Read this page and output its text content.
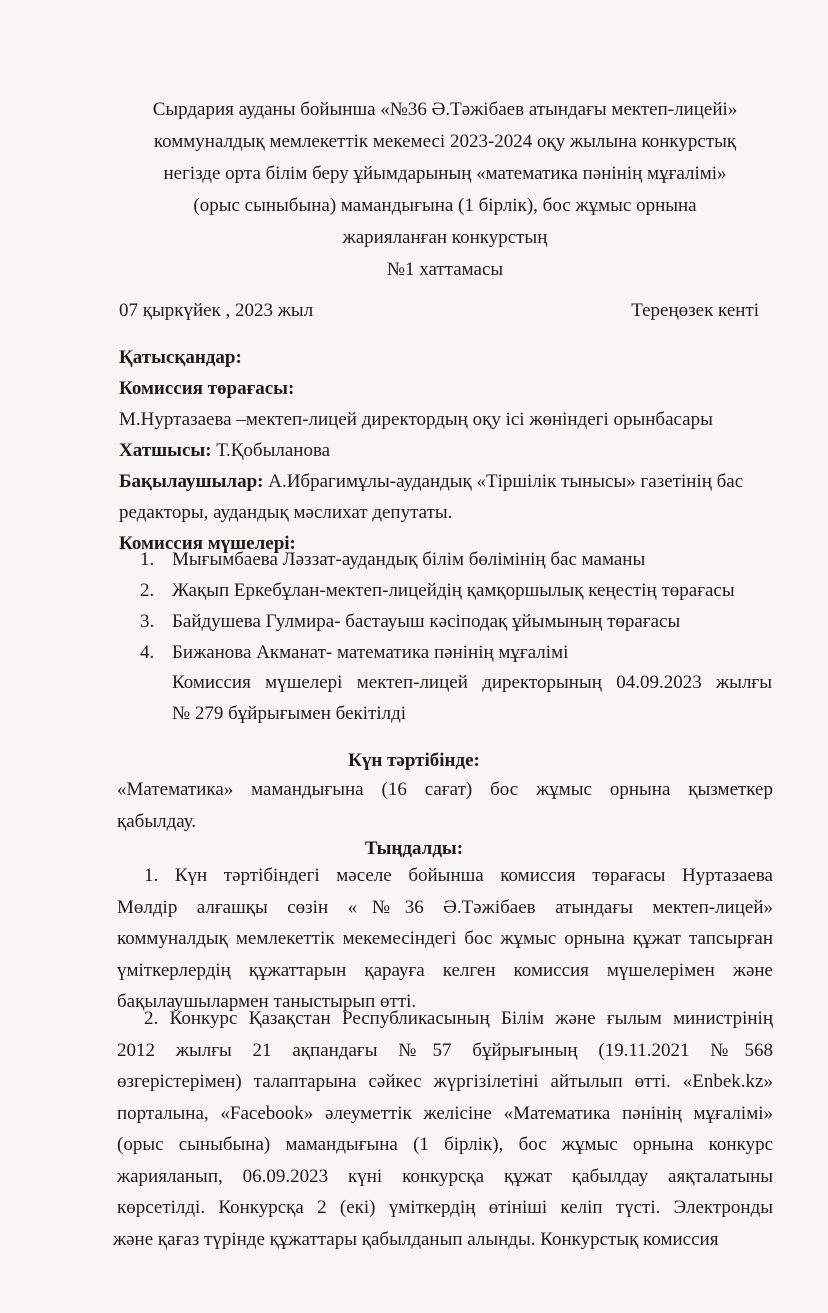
Сырдария ауданы бойынша «№36 Ә.Тәжібаев атындағы мектеп-лицейі»
коммуналдық мемлекеттік мекемесі 2023-2024 оқу жылына конкурстық
негізде орта білім беру ұйымдарының «математика пәнінің мұғалімі»
(орыс сыныбына) мамандығына (1 бірлік), бос жұмыс орнына
жарияланған конкурстың
№1 хаттамасы
07 қыркүйек , 2023 жыл	Тереңөзек кенті
Қатысқандар:
Комиссия төрағасы:
М.Нуртазаева –мектеп-лицей директордың оқу ісі жөніндегі орынбасары
Хатшысы: Т.Қобыланова
Бақылаушылар: А.Ибрагимұлы-аудандық «Тіршілік тынысы» газетінің бас
редакторы, аудандық мәслихат депутаты.
Комиссия мүшелері:
1. Мығымбаева Ләззат-аудандық білім бөлімінің бас маманы
2. Жақып Еркебұлан-мектеп-лицейдің қамқоршылық кеңестің төрағасы
3. Байдушева Гулмира- бастауыш кәсіподақ ұйымының төрағасы
4. Бижанова Акманат- математика пәнінің мұғалімі
Комиссия мүшелері мектеп-лицей директорының 04.09.2023 жылғы
№ 279 бұйрығымен бекітілді
Күн тәртібінде:
«Математика» мамандығына (16 сағат) бос жұмыс орнына қызметкер
қабылдау.
Тыңдалды:
1. Күн тәртібіндегі мәселе бойынша комиссия төрағасы Нуртазаева
Мөлдір алғашқы сөзін «№36 Ә.Тәжібаев атындағы мектеп-лицей»
коммуналдық мемлекеттік мекемесіндегі бос жұмыс орнына құжат тапсырған
үміткерлердің құжаттарын қарауға келген комиссия мүшелерімен және
бақылаушылармен таныстырып өтті.
2. Конкурс Қазақстан Республикасының Білім және ғылым министрінің
2012 жылғы 21 ақпандағы №57 бұйрығының (19.11.2021 №568
өзгерістерімен) талаптарына сәйкес жүргізілетіні айтылып өтті. «Enbek.kz»
порталына, «Facebook» әлеуметтік желісіне «Математика пәнінің мұғалімі»
(орыс сыныбына) мамандығына (1 бірлік), бос жұмыс орнына конкурс
жарияланып, 06.09.2023 күні конкурсқа құжат қабылдау аяқталатыны
көрсетілді. Конкурсқа 2 (екі) үміткердің өтініші келіп түсті. Электронды
және қағаз түрінде құжаттары қабылданып алынды. Конкурстық комиссия
